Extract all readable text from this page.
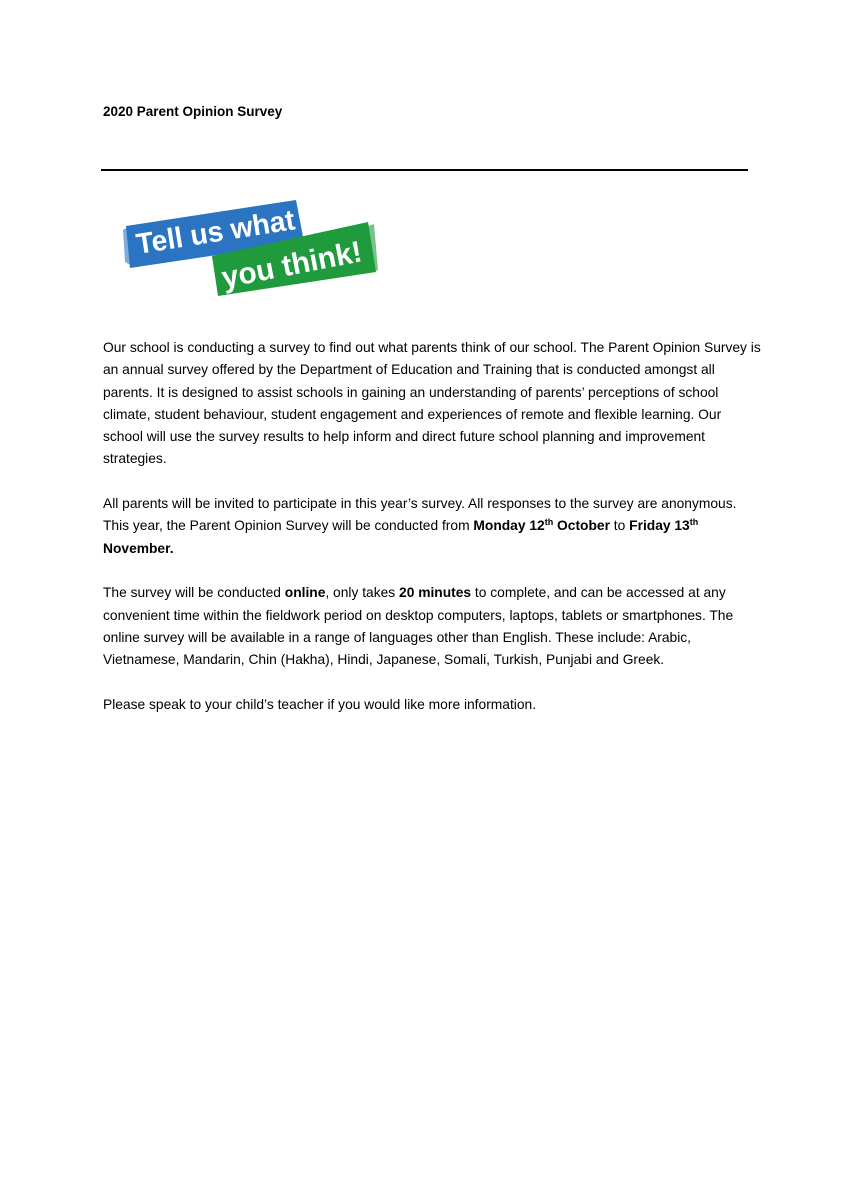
2020 Parent Opinion Survey
Tell us what
you think!

Our school is conducting a survey to find out what parents think of our school. The Parent Opinion Survey is an annual survey offered by the Department of Education and Training that is conducted amongst all parents. It is designed to assist schools in gaining an understanding of parents’ perceptions of school climate, student behaviour, student engagement and experiences of remote and flexible learning. Our school will use the survey results to help inform and direct future school planning and improvement strategies.

All parents will be invited to participate in this year’s survey. All responses to the survey are anonymous. This year, the Parent Opinion Survey will be conducted from Monday 12th October to Friday 13th November.

The survey will be conducted online, only takes 20 minutes to complete, and can be accessed at any convenient time within the fieldwork period on desktop computers, laptops, tablets or smartphones. The online survey will be available in a range of languages other than English. These include: Arabic, Vietnamese, Mandarin, Chin (Hakha), Hindi, Japanese, Somali, Turkish, Punjabi and Greek.

Please speak to your child’s teacher if you would like more information.
